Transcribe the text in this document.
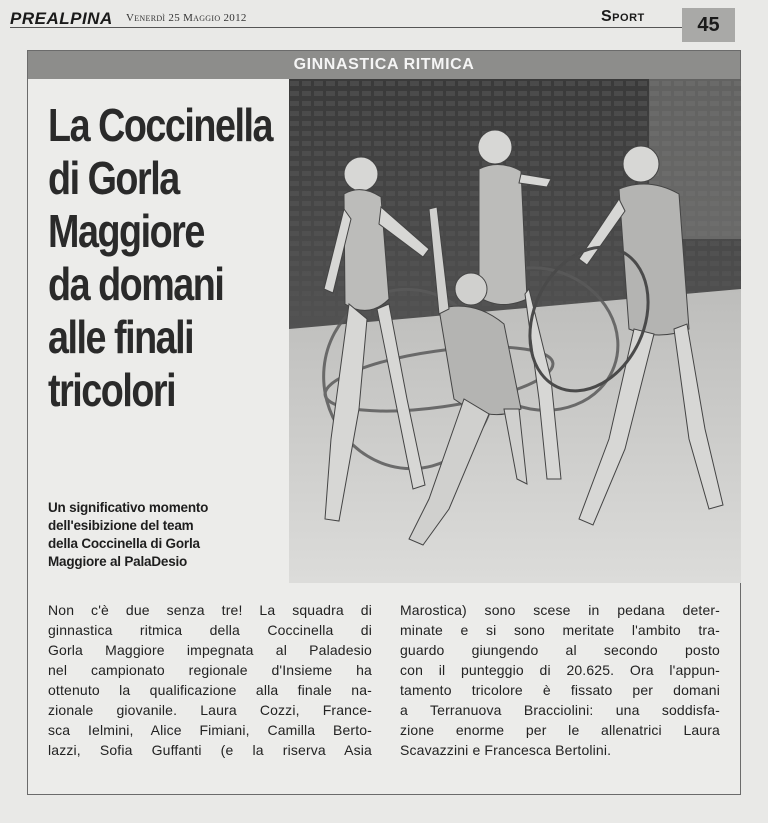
PREALPINA Venerdì 25 Maggio 2012	Sport	45
GINNASTICA RITMICA
La Coccinella
di Gorla
Maggiore
da domani
alle finali
tricolori
Un significativo momento
dell'esibizione del team
della Coccinella di Gorla
Maggiore al PalaDesio
Non c'è due senza tre! La squadra di
ginnastica ritmica della Coccinella di
Gorla Maggiore impegnata al Paladesio
nel campionato regionale d'Insieme ha
ottenuto la qualificazione alla finale na-
zionale giovanile. Laura Cozzi, France-
sca Ielmini, Alice Fimiani, Camilla Berto-
lazzi, Sofia Guffanti (e la riserva Asia
Marostica) sono scese in pedana deter-
minate e si sono meritate l'ambito tra-
guardo giungendo al secondo posto
con il punteggio di 20.625. Ora l'appun-
tamento tricolore è fissato per domani
a Terranuova Bracciolini: una soddisfa-
zione enorme per le allenatrici Laura
Scavazzini e Francesca Bertolini.
